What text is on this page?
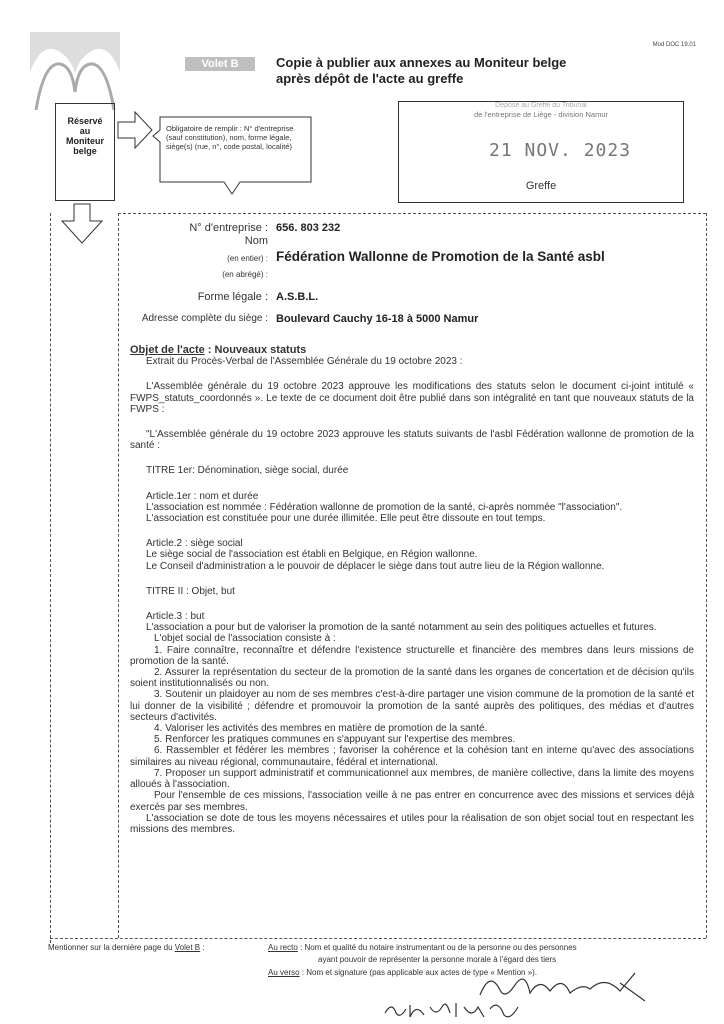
Mod DOC 19.01
Volet B	Copie à publier aux annexes au Moniteur belge
après dépôt de l'acte au greffe
Réservé
au
Moniteur
belge
Obligatoire de remplir : N° d'entreprise (sauf constitution), nom, forme légale, siège(s) (rue, n°, code postal, localité)
Déposé au Greffe du Tribunal
de l'entreprise de Liège - division Namur
21 NOV. 2023
Greffe
N° d'entreprise : 656. 803 232
Nom
(en entier) : Fédération Wallonne de Promotion de la Santé asbl
(en abrégé) :
Forme légale : A.S.B.L.
Adresse complète du siège : Boulevard Cauchy 16-18 à 5000 Namur

Objet de l'acte : Nouveaux statuts

Extrait du Procès-Verbal de l'Assemblée Générale du 19 octobre 2023 :

L'Assemblée générale du 19 octobre 2023 approuve les modifications des statuts selon le document ci-joint intitulé « FWPS_statuts_coordonnés ». Le texte de ce document doit être publié dans son intégralité en tant que nouveaux statuts de la FWPS :

"L'Assemblée générale du 19 octobre 2023 approuve les statuts suivants de l'asbl Fédération wallonne de promotion de la santé :

TITRE 1er: Dénomination, siège social, durée

Article.1er : nom et durée

L'association est nommée : Fédération wallonne de promotion de la santé, ci-après nommée "l'association".

L'association est constituée pour une durée illimitée. Elle peut être dissoute en tout temps.

Article.2 : siège social

Le siège social de l'association est établi en Belgique, en Région wallonne.

Le Conseil d'administration a le pouvoir de déplacer le siège dans tout autre lieu de la Région wallonne.

TITRE II : Objet, but

Article.3 : but

L'association a pour but de valoriser la promotion de la santé notamment au sein des politiques actuelles et futures.

L'objet social de l'association consiste à :

1. Faire connaître, reconnaître et défendre l'existence structurelle et financière des membres dans leurs missions de promotion de la santé.

2. Assurer la représentation du secteur de la promotion de la santé dans les organes de concertation et de décision qu'ils soient institutionnalisés ou non.

3. Soutenir un plaidoyer au nom de ses membres c'est-à-dire partager une vision commune de la promotion de la santé et lui donner de la visibilité ; défendre et promouvoir la promotion de la santé auprès des politiques, des médias et d'autres secteurs d'activités.

4. Valoriser les activités des membres en matière de promotion de la santé.

5. Renforcer les pratiques communes en s'appuyant sur l'expertise des membres.

6. Rassembler et fédérer les membres ; favoriser la cohérence et la cohésion tant en interne qu'avec des associations similaires au niveau régional, communautaire, fédéral et international.

7. Proposer un support administratif et communicationnel aux membres, de manière collective, dans la limite des moyens alloués à l'association.

Pour l'ensemble de ces missions, l'association veille à ne pas entrer en concurrence avec des missions et services déjà exercés par ses membres.

L'association se dote de tous les moyens nécessaires et utiles pour la réalisation de son objet social tout en respectant les missions des membres.

Mentionner sur la dernière page du Volet B :	Au recto : Nom et qualité du notaire instrumentant ou de la personne ou des personnes
ayant pouvoir de représenter la personne morale à l'égard des tiers
Au verso : Nom et signature (pas applicable aux actes de type « Mention »).
